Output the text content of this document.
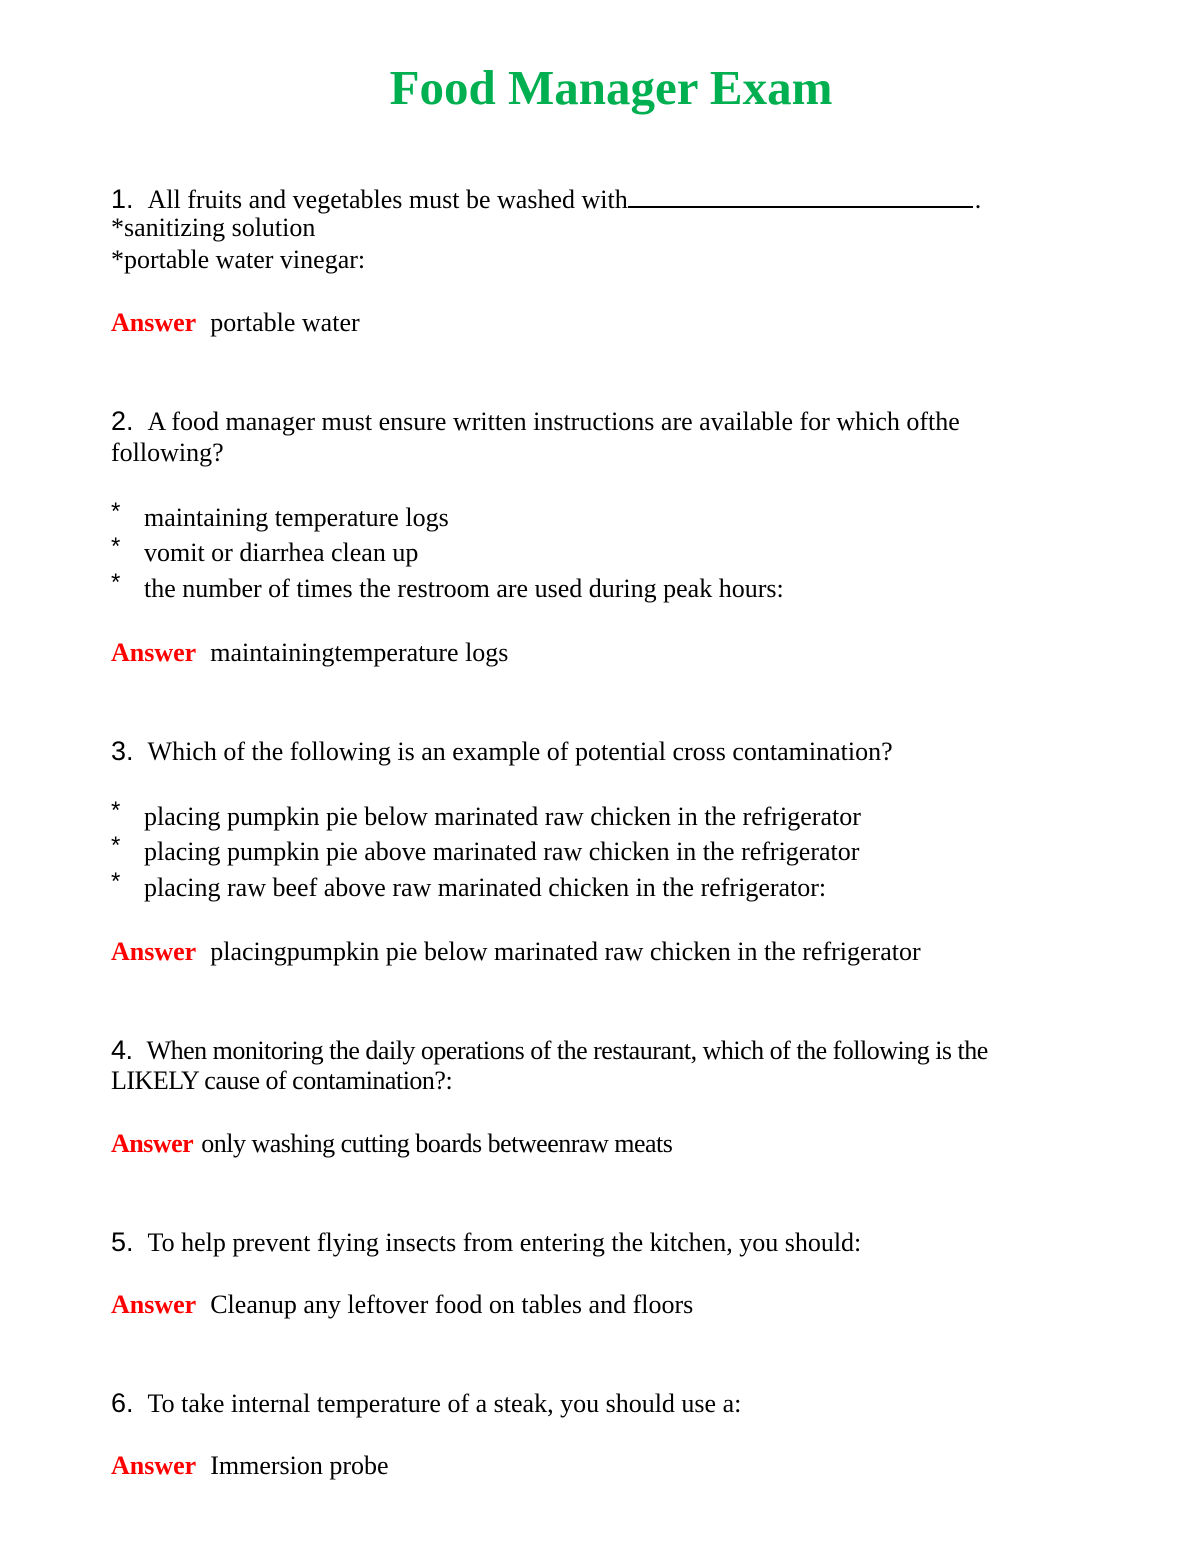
Food Manager Exam
1. All fruits and vegetables must be washed with	.
*sanitizing solution
*portable water vinegar:
Answer portable water
2. A food manager must ensure written instructions are available for which ofthe
following?
* maintaining temperature logs
* vomit or diarrhea clean up
* the number of times the restroom are used during peak hours:
Answer maintainingtemperature logs
3. Which of the following is an example of potential cross contamination?
* placing pumpkin pie below marinated raw chicken in the refrigerator
* placing pumpkin pie above marinated raw chicken in the refrigerator
* placing raw beef above raw marinated chicken in the refrigerator:
Answer placingpumpkin pie below marinated raw chicken in the refrigerator
4. When monitoring the daily operations of the restaurant, which of the following is the
LIKELY cause of contamination?:
Answer only washing cutting boards betweenraw meats
5. To help prevent flying insects from entering the kitchen, you should:
Answer Cleanup any leftover food on tables and floors
6. To take internal temperature of a steak, you should use a:
Answer Immersion probe
